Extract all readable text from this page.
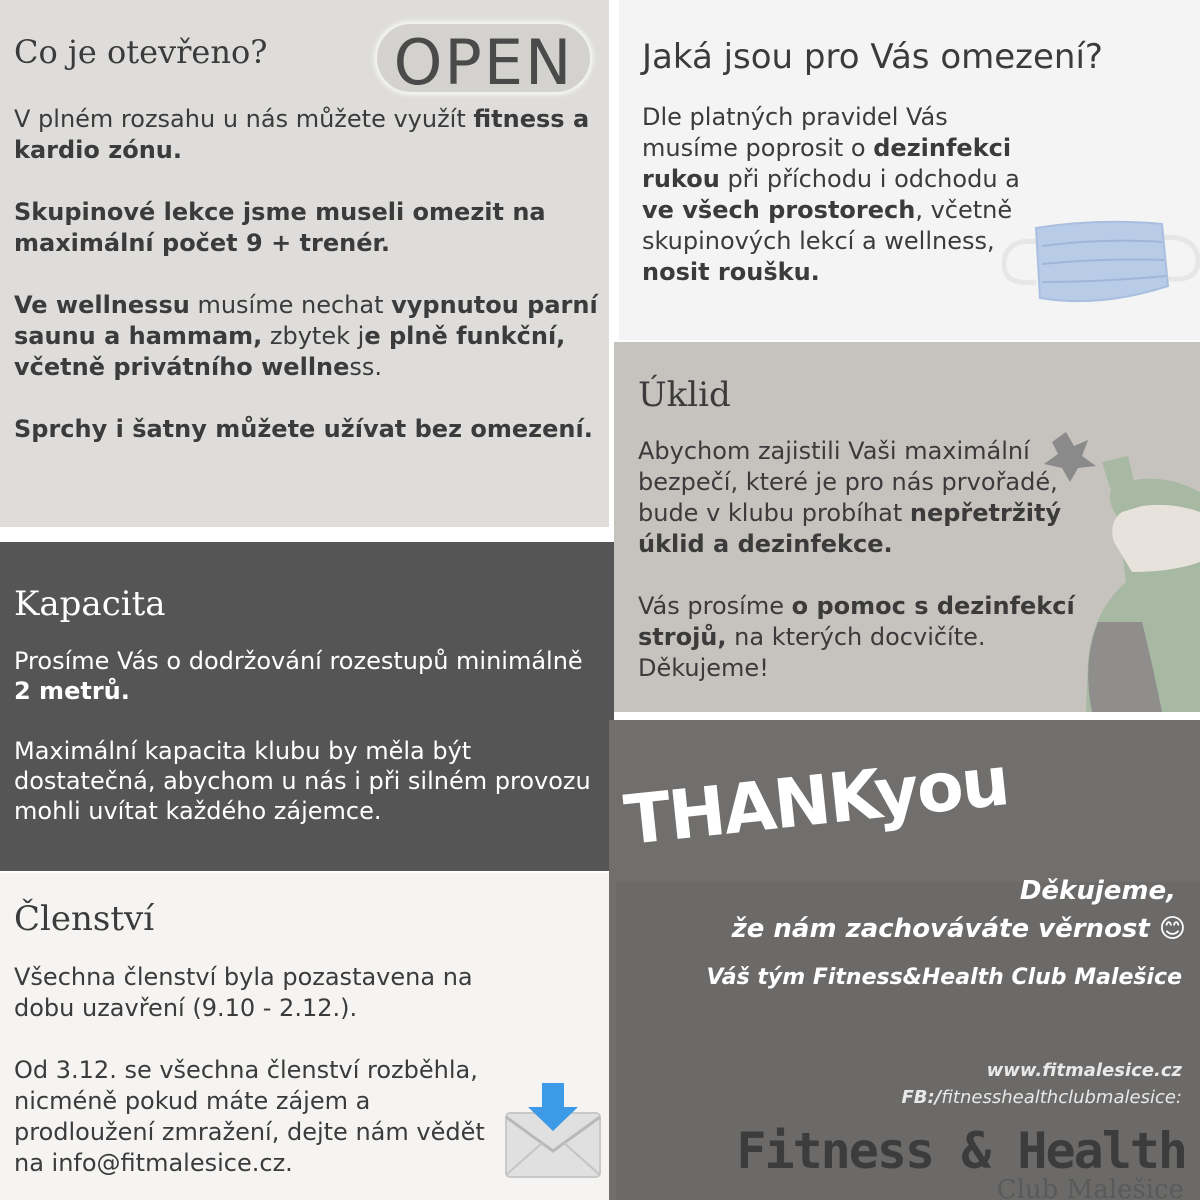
Co je otevřeno? OPEN

V plném rozsahu u nás můžete využít fitness a kardio zónu.

Skupinové lekce jsme museli omezit na maximální počet 9 + trenér.

Ve wellnessu musíme nechat vypnutou parní saunu a hammam, zbytek je plně funkční, včetně privátního wellness.

Sprchy i šatny můžete užívat bez omezení.

Jaká jsou pro Vás omezení?
Dle platných pravidel Vás musíme poprosit o dezinfekci rukou při příchodu i odchodu a ve všech prostorech, včetně skupinových lekcí a wellness, nosit roušku.
Úklid

Abychom zajistili Vaši maximální bezpečí, které je pro nás prvořadé, bude v klubu probíhat nepřetržitý úklid a dezinfekce.

Vás prosíme o pomoc s dezinfekcí strojů, na kterých docvičíte. Děkujeme!

Kapacita

Prosíme Vás o dodržování rozestupů minimálně 2 metrů.

Maximální kapacita klubu by měla být dostatečná, abychom u nás i při silném provozu mohli uvítat každého zájemce.

Členství

Všechna členství byla pozastavena na dobu uzavření (9.10 - 2.12.).

Od 3.12. se všechna členství rozběhla, nicméně pokud máte zájem a prodloužení zmražení, dejte nám vědět na info@fitmalesice.cz.

THANKyou
Děkujeme,
že nám zachováváte věrnost 😊
Váš tým Fitness&Health Club Malešice
www.fitmalesice.cz
FB:/fitnesshealthclubmalesice:
Fitness & Health
Club Malešice
